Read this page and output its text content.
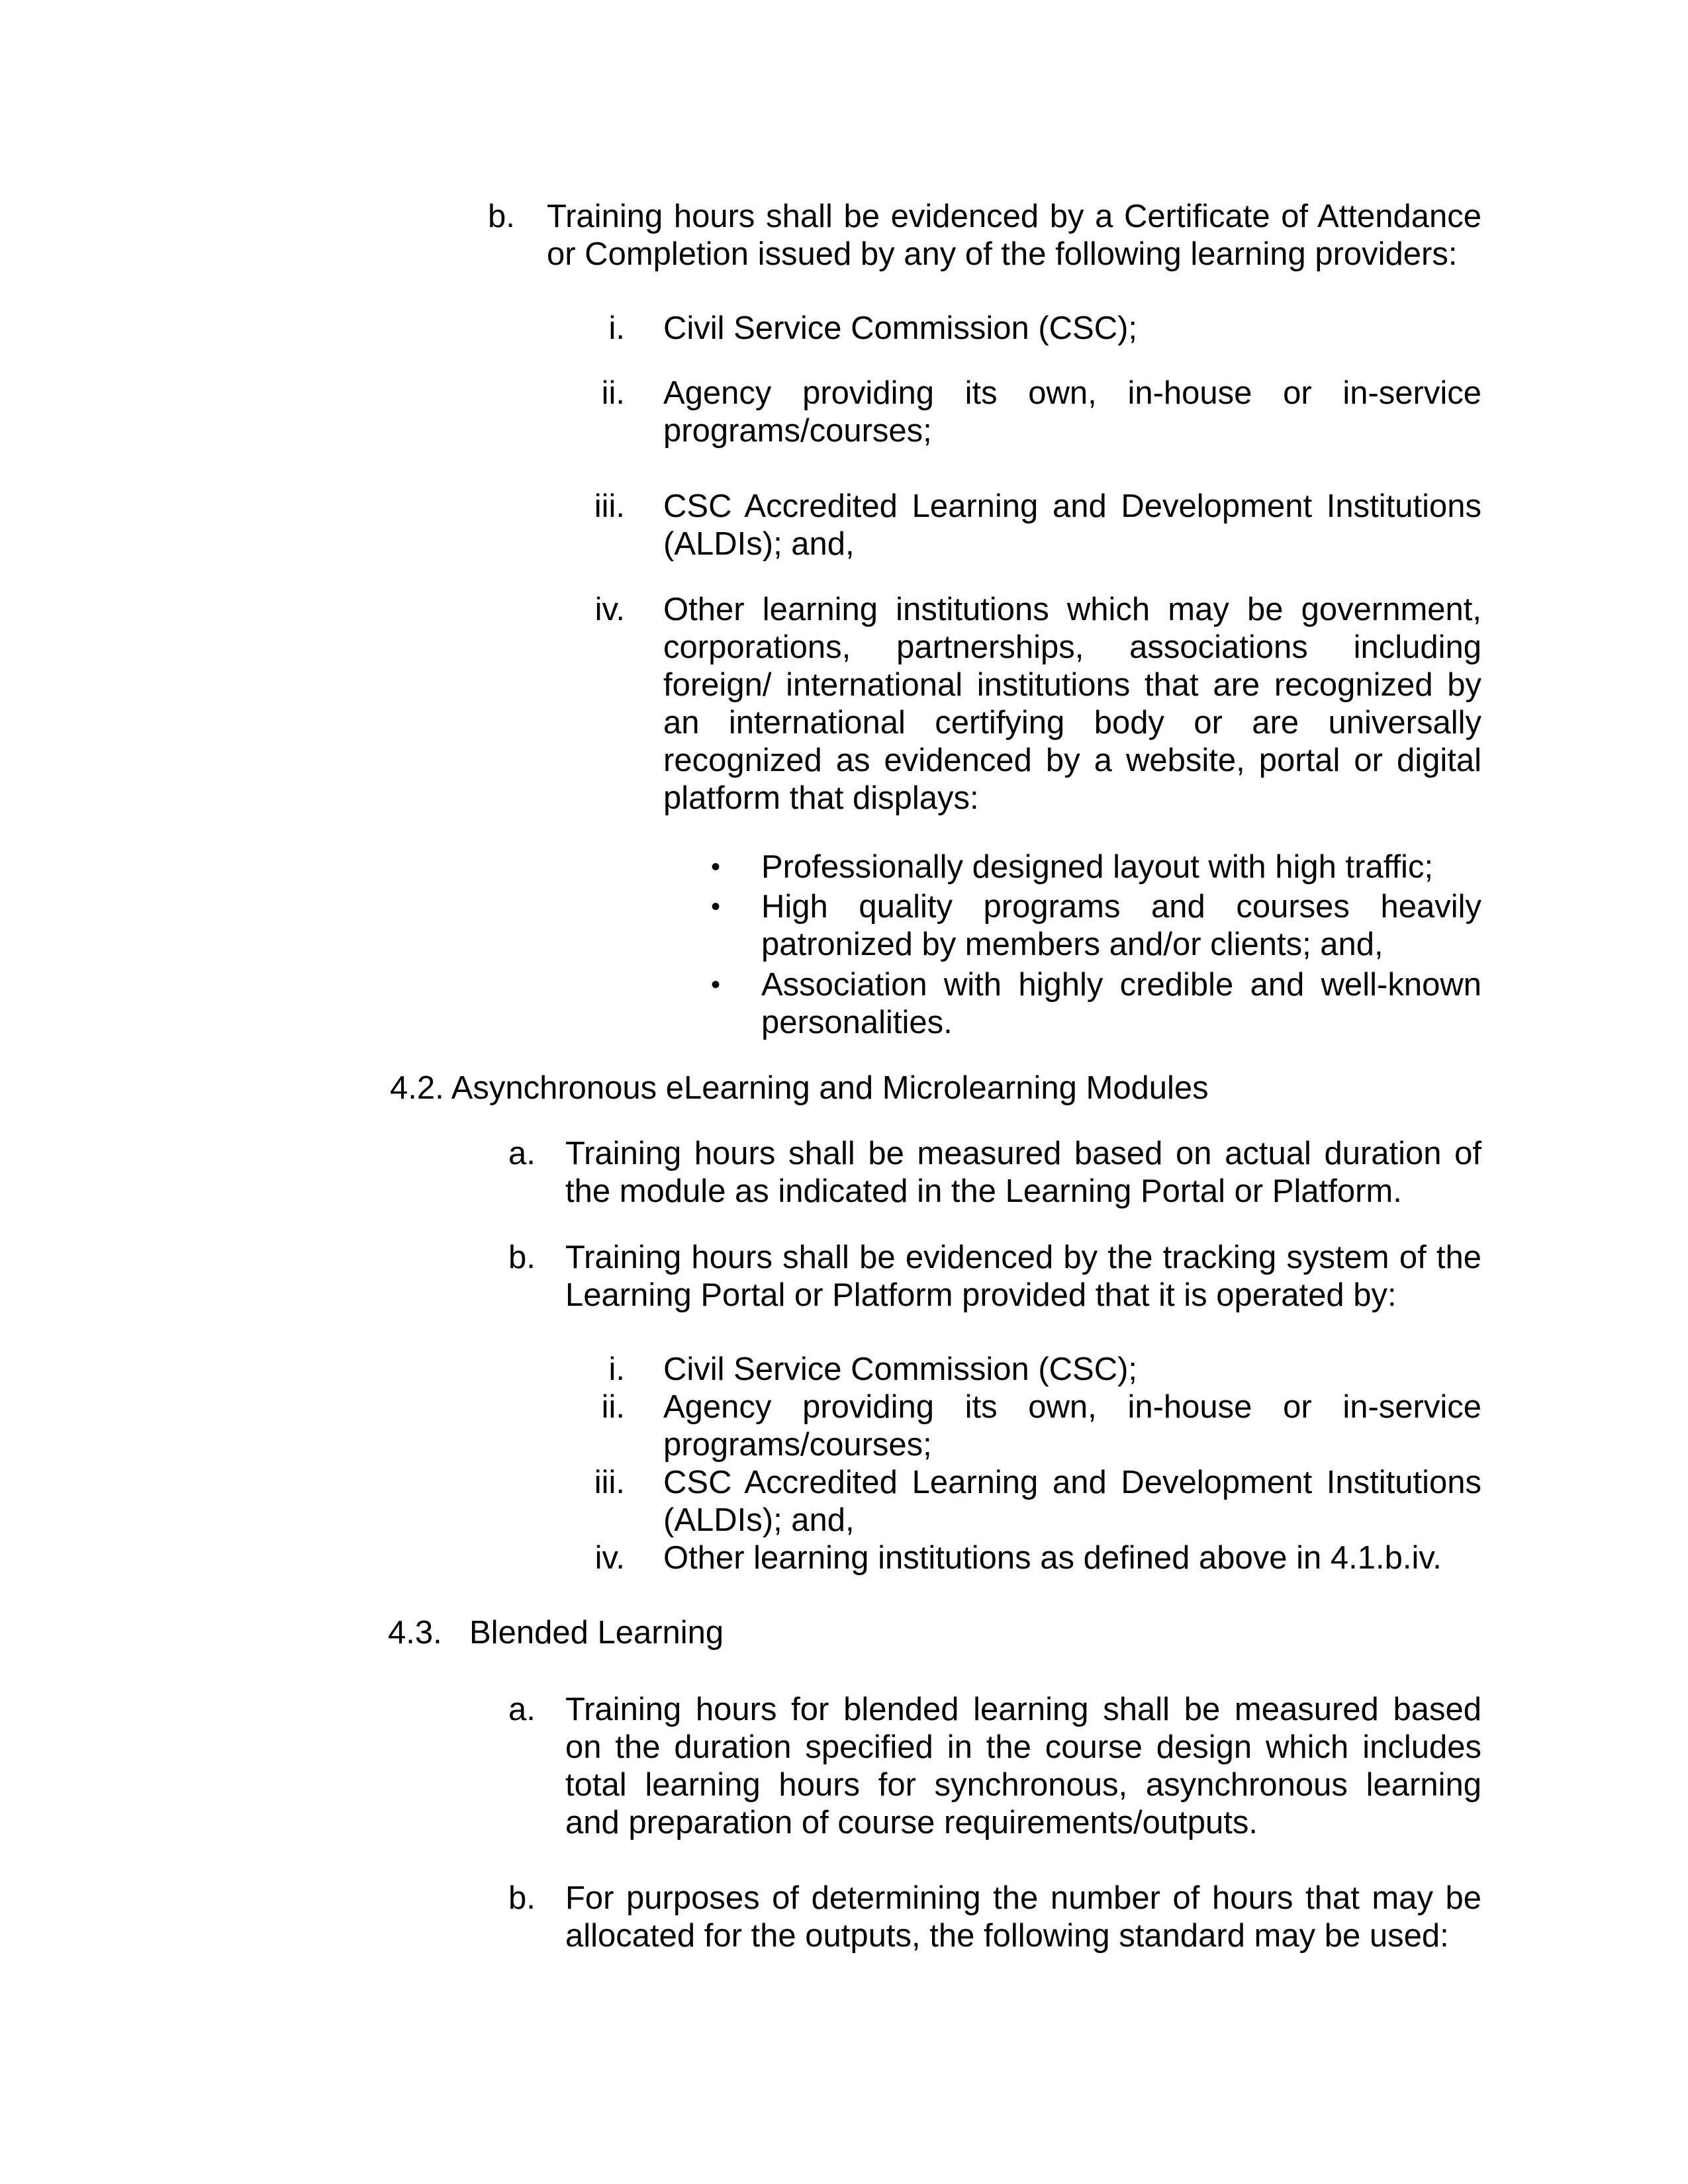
b. Training hours shall be evidenced by a Certificate of Attendance or Completion issued by any of the following learning providers:
i. Civil Service Commission (CSC);
ii. Agency providing its own, in-house or in-service programs/courses;
iii. CSC Accredited Learning and Development Institutions (ALDIs); and,
iv. Other learning institutions which may be government, corporations, partnerships, associations including foreign/ international institutions that are recognized by an international certifying body or are universally recognized as evidenced by a website, portal or digital platform that displays:
• Professionally designed layout with high traffic;
• High quality programs and courses heavily patronized by members and/or clients; and,
• Association with highly credible and well-known personalities.
4.2. Asynchronous eLearning and Microlearning Modules
a. Training hours shall be measured based on actual duration of the module as indicated in the Learning Portal or Platform.
b. Training hours shall be evidenced by the tracking system of the Learning Portal or Platform provided that it is operated by:
i. Civil Service Commission (CSC);
ii. Agency providing its own, in-house or in-service programs/courses;
iii. CSC Accredited Learning and Development Institutions (ALDIs); and,
iv. Other learning institutions as defined above in 4.1.b.iv.
4.3. Blended Learning
a. Training hours for blended learning shall be measured based on the duration specified in the course design which includes total learning hours for synchronous, asynchronous learning and preparation of course requirements/outputs.
b. For purposes of determining the number of hours that may be allocated for the outputs, the following standard may be used:
